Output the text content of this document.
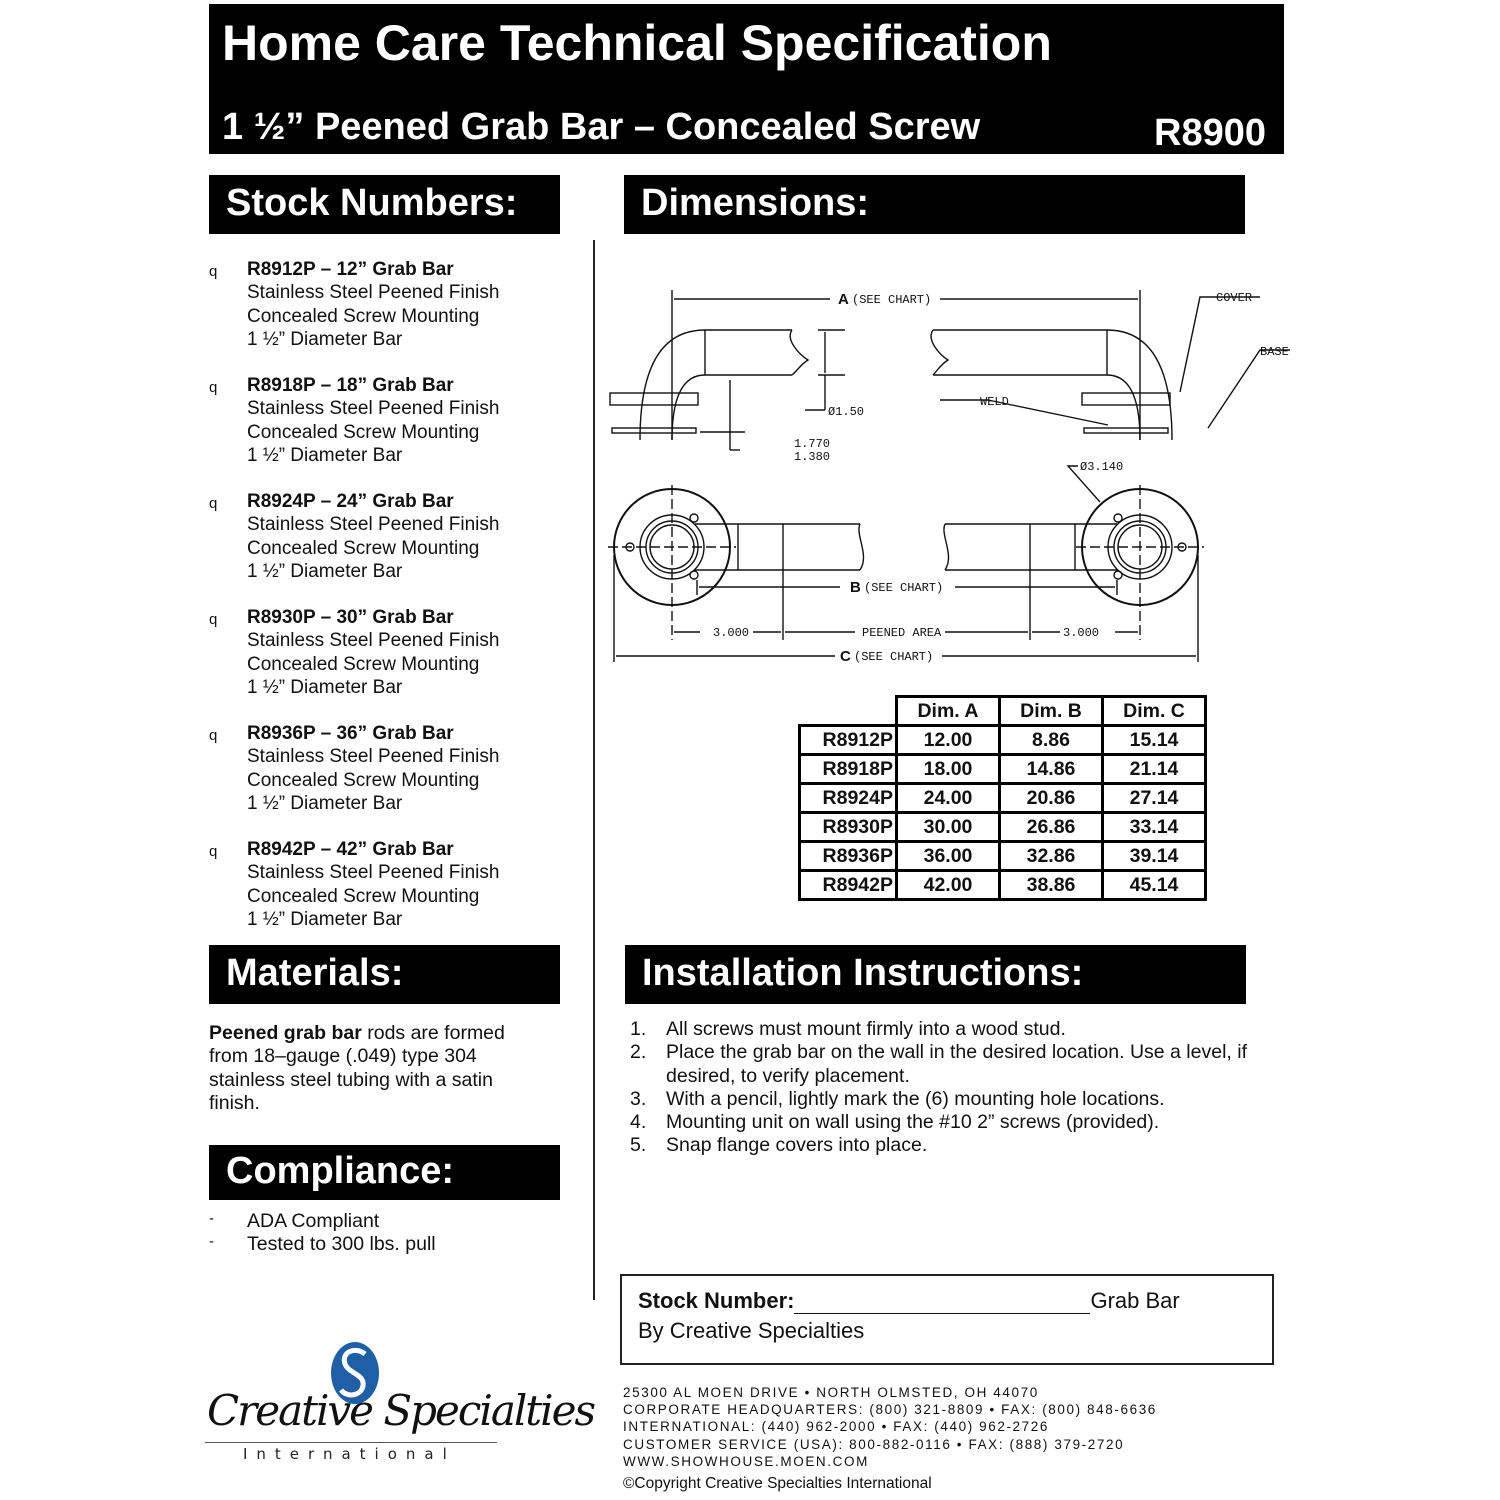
Home Care Technical Specification
1 ½” Peened Grab Bar – Concealed Screw	R8900
Stock Numbers:	Dimensions:
Materials:	Installation Instructions:
Compliance:
q R8912P – 12” Grab Bar
Stainless Steel Peened Finish
Concealed Screw Mounting
1 ½” Diameter Bar
q R8918P – 18” Grab Bar
Stainless Steel Peened Finish
Concealed Screw Mounting
1 ½” Diameter Bar
q R8924P – 24” Grab Bar
Stainless Steel Peened Finish
Concealed Screw Mounting
1 ½” Diameter Bar
q R8930P – 30” Grab Bar
Stainless Steel Peened Finish
Concealed Screw Mounting
1 ½” Diameter Bar
q R8936P – 36” Grab Bar
Stainless Steel Peened Finish
Concealed Screw Mounting
1 ½” Diameter Bar
q R8942P – 42” Grab Bar
Stainless Steel Peened Finish
Concealed Screw Mounting
1 ½” Diameter Bar
A (SEE CHART)	COVER
BASE
WELD
Ø1.50
1.770
1.380
Ø3.140
B (SEE CHART)
3.000	PEENED AREA	3.000
C (SEE CHART)
	Dim. A	Dim. B	Dim. C
R8912P	12.00	8.86	15.14
R8918P	18.00	14.86	21.14
R8924P	24.00	20.86	27.14
R8930P	30.00	26.86	33.14
R8936P	36.00	32.86	39.14
R8942P	42.00	38.86	45.14
Peened grab bar rods are formed from 18–gauge (.049) type 304 stainless steel tubing with a satin finish.
- ADA Compliant
- Tested to 300 lbs. pull
1. All screws must mount firmly into a wood stud.
2. Place the grab bar on the wall in the desired location. Use a level, if desired, to verify placement.
3. With a pencil, lightly mark the (6) mounting hole locations.
4. Mounting unit on wall using the #10 2” screws (provided).
5. Snap flange covers into place.
Stock Number:	Grab Bar
By Creative Specialties
25300 AL MOEN DRIVE • NORTH OLMSTED, OH 44070
CORPORATE HEADQUARTERS: (800) 321-8809 • FAX: (800) 848-6636
INTERNATIONAL: (440) 962-2000 • FAX: (440) 962-2726
CUSTOMER SERVICE (USA): 800-882-0116 • FAX: (888) 379-2720
WWW.SHOWHOUSE.MOEN.COM
©Copyright Creative Specialties International
Creative Specialties
International
